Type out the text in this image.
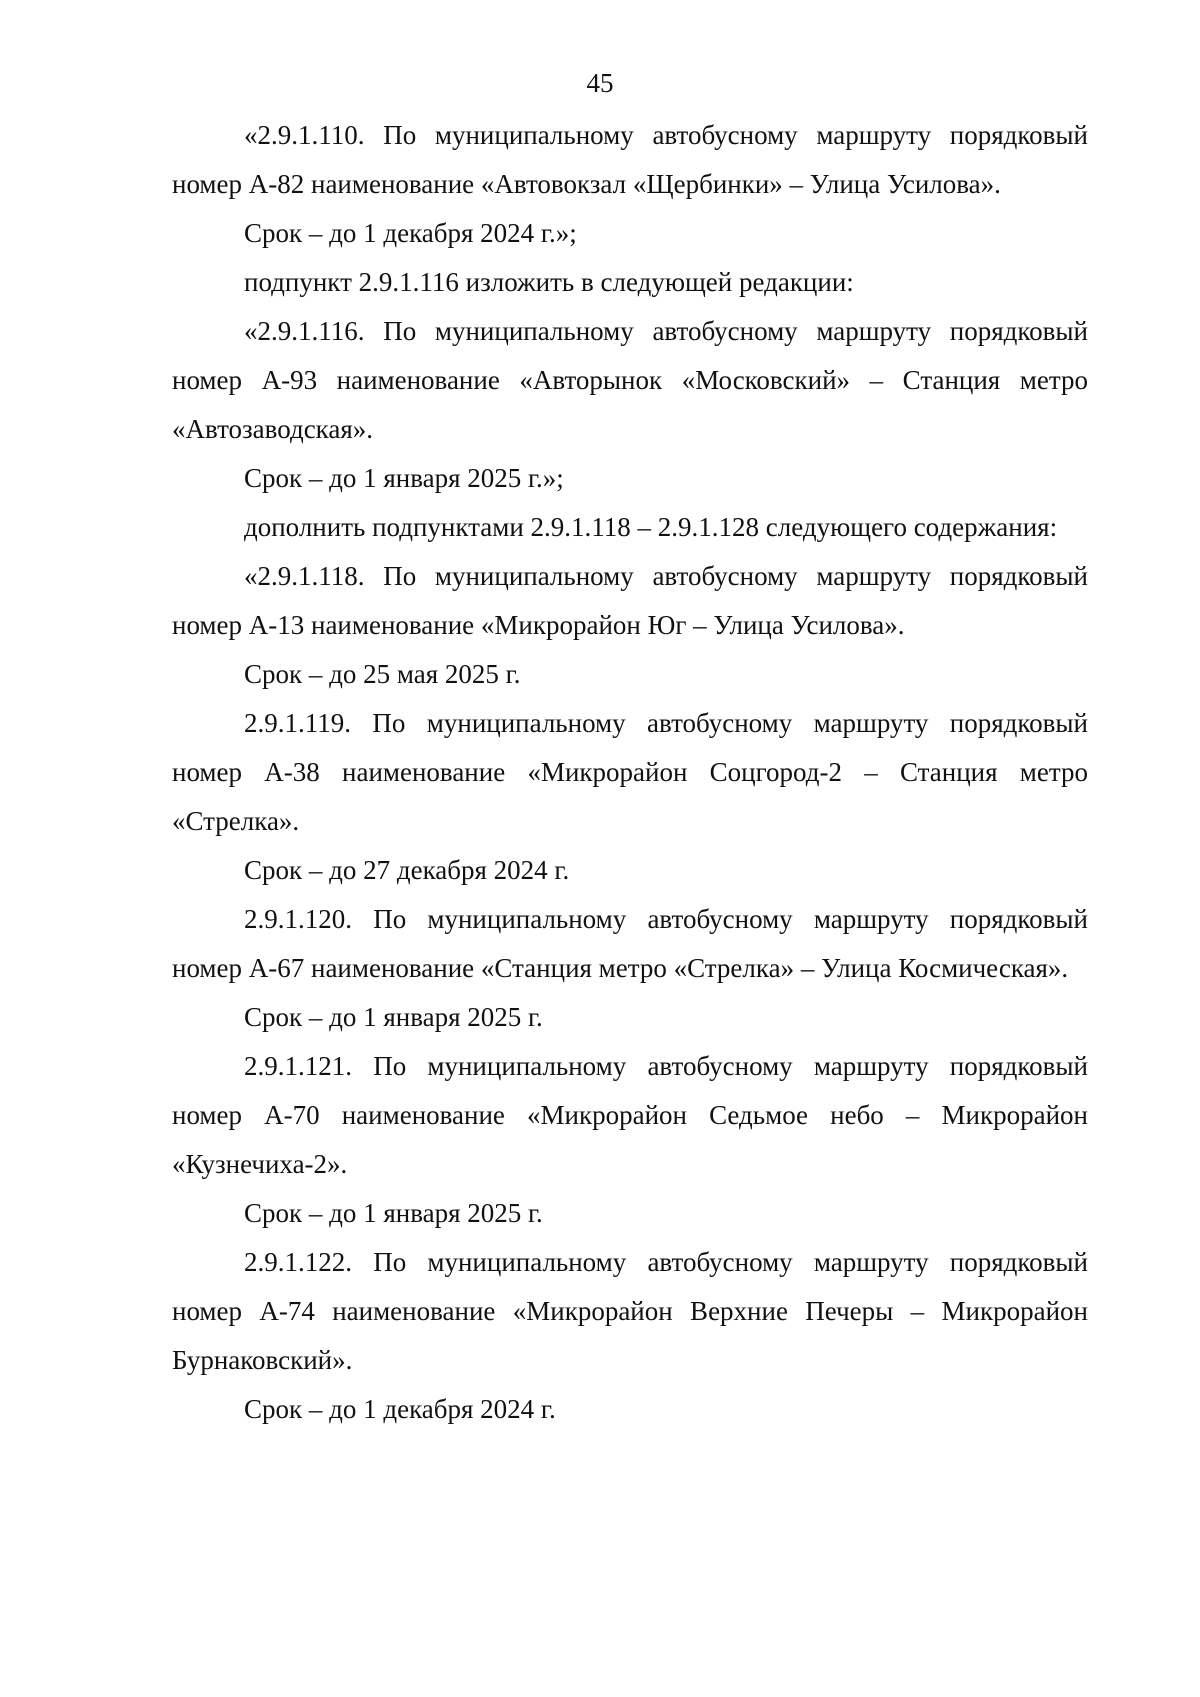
45

«2.9.1.110. По муниципальному автобусному маршруту порядковый номер А-82 наименование «Автовокзал «Щербинки» – Улица Усилова».

Срок – до 1 декабря 2024 г.»;

подпункт 2.9.1.116 изложить в следующей редакции:

«2.9.1.116. По муниципальному автобусному маршруту порядковый номер А-93 наименование «Авторынок «Московский» – Станция метро «Автозаводская».

Срок – до 1 января 2025 г.»;

дополнить подпунктами 2.9.1.118 – 2.9.1.128 следующего содержания:

«2.9.1.118. По муниципальному автобусному маршруту порядковый номер А-13 наименование «Микрорайон Юг – Улица Усилова».

Срок – до 25 мая 2025 г.

2.9.1.119. По муниципальному автобусному маршруту порядковый номер А-38 наименование «Микрорайон Соцгород-2 – Станция метро «Стрелка».

Срок – до 27 декабря 2024 г.

2.9.1.120. По муниципальному автобусному маршруту порядковый номер А-67 наименование «Станция метро «Стрелка» – Улица Космическая».

Срок – до 1 января 2025 г.

2.9.1.121. По муниципальному автобусному маршруту порядковый номер А-70 наименование «Микрорайон Седьмое небо – Микрорайон «Кузнечиха-2».

Срок – до 1 января 2025 г.

2.9.1.122. По муниципальному автобусному маршруту порядковый номер А-74 наименование «Микрорайон Верхние Печеры – Микрорайон Бурнаковский».

Срок – до 1 декабря 2024 г.
